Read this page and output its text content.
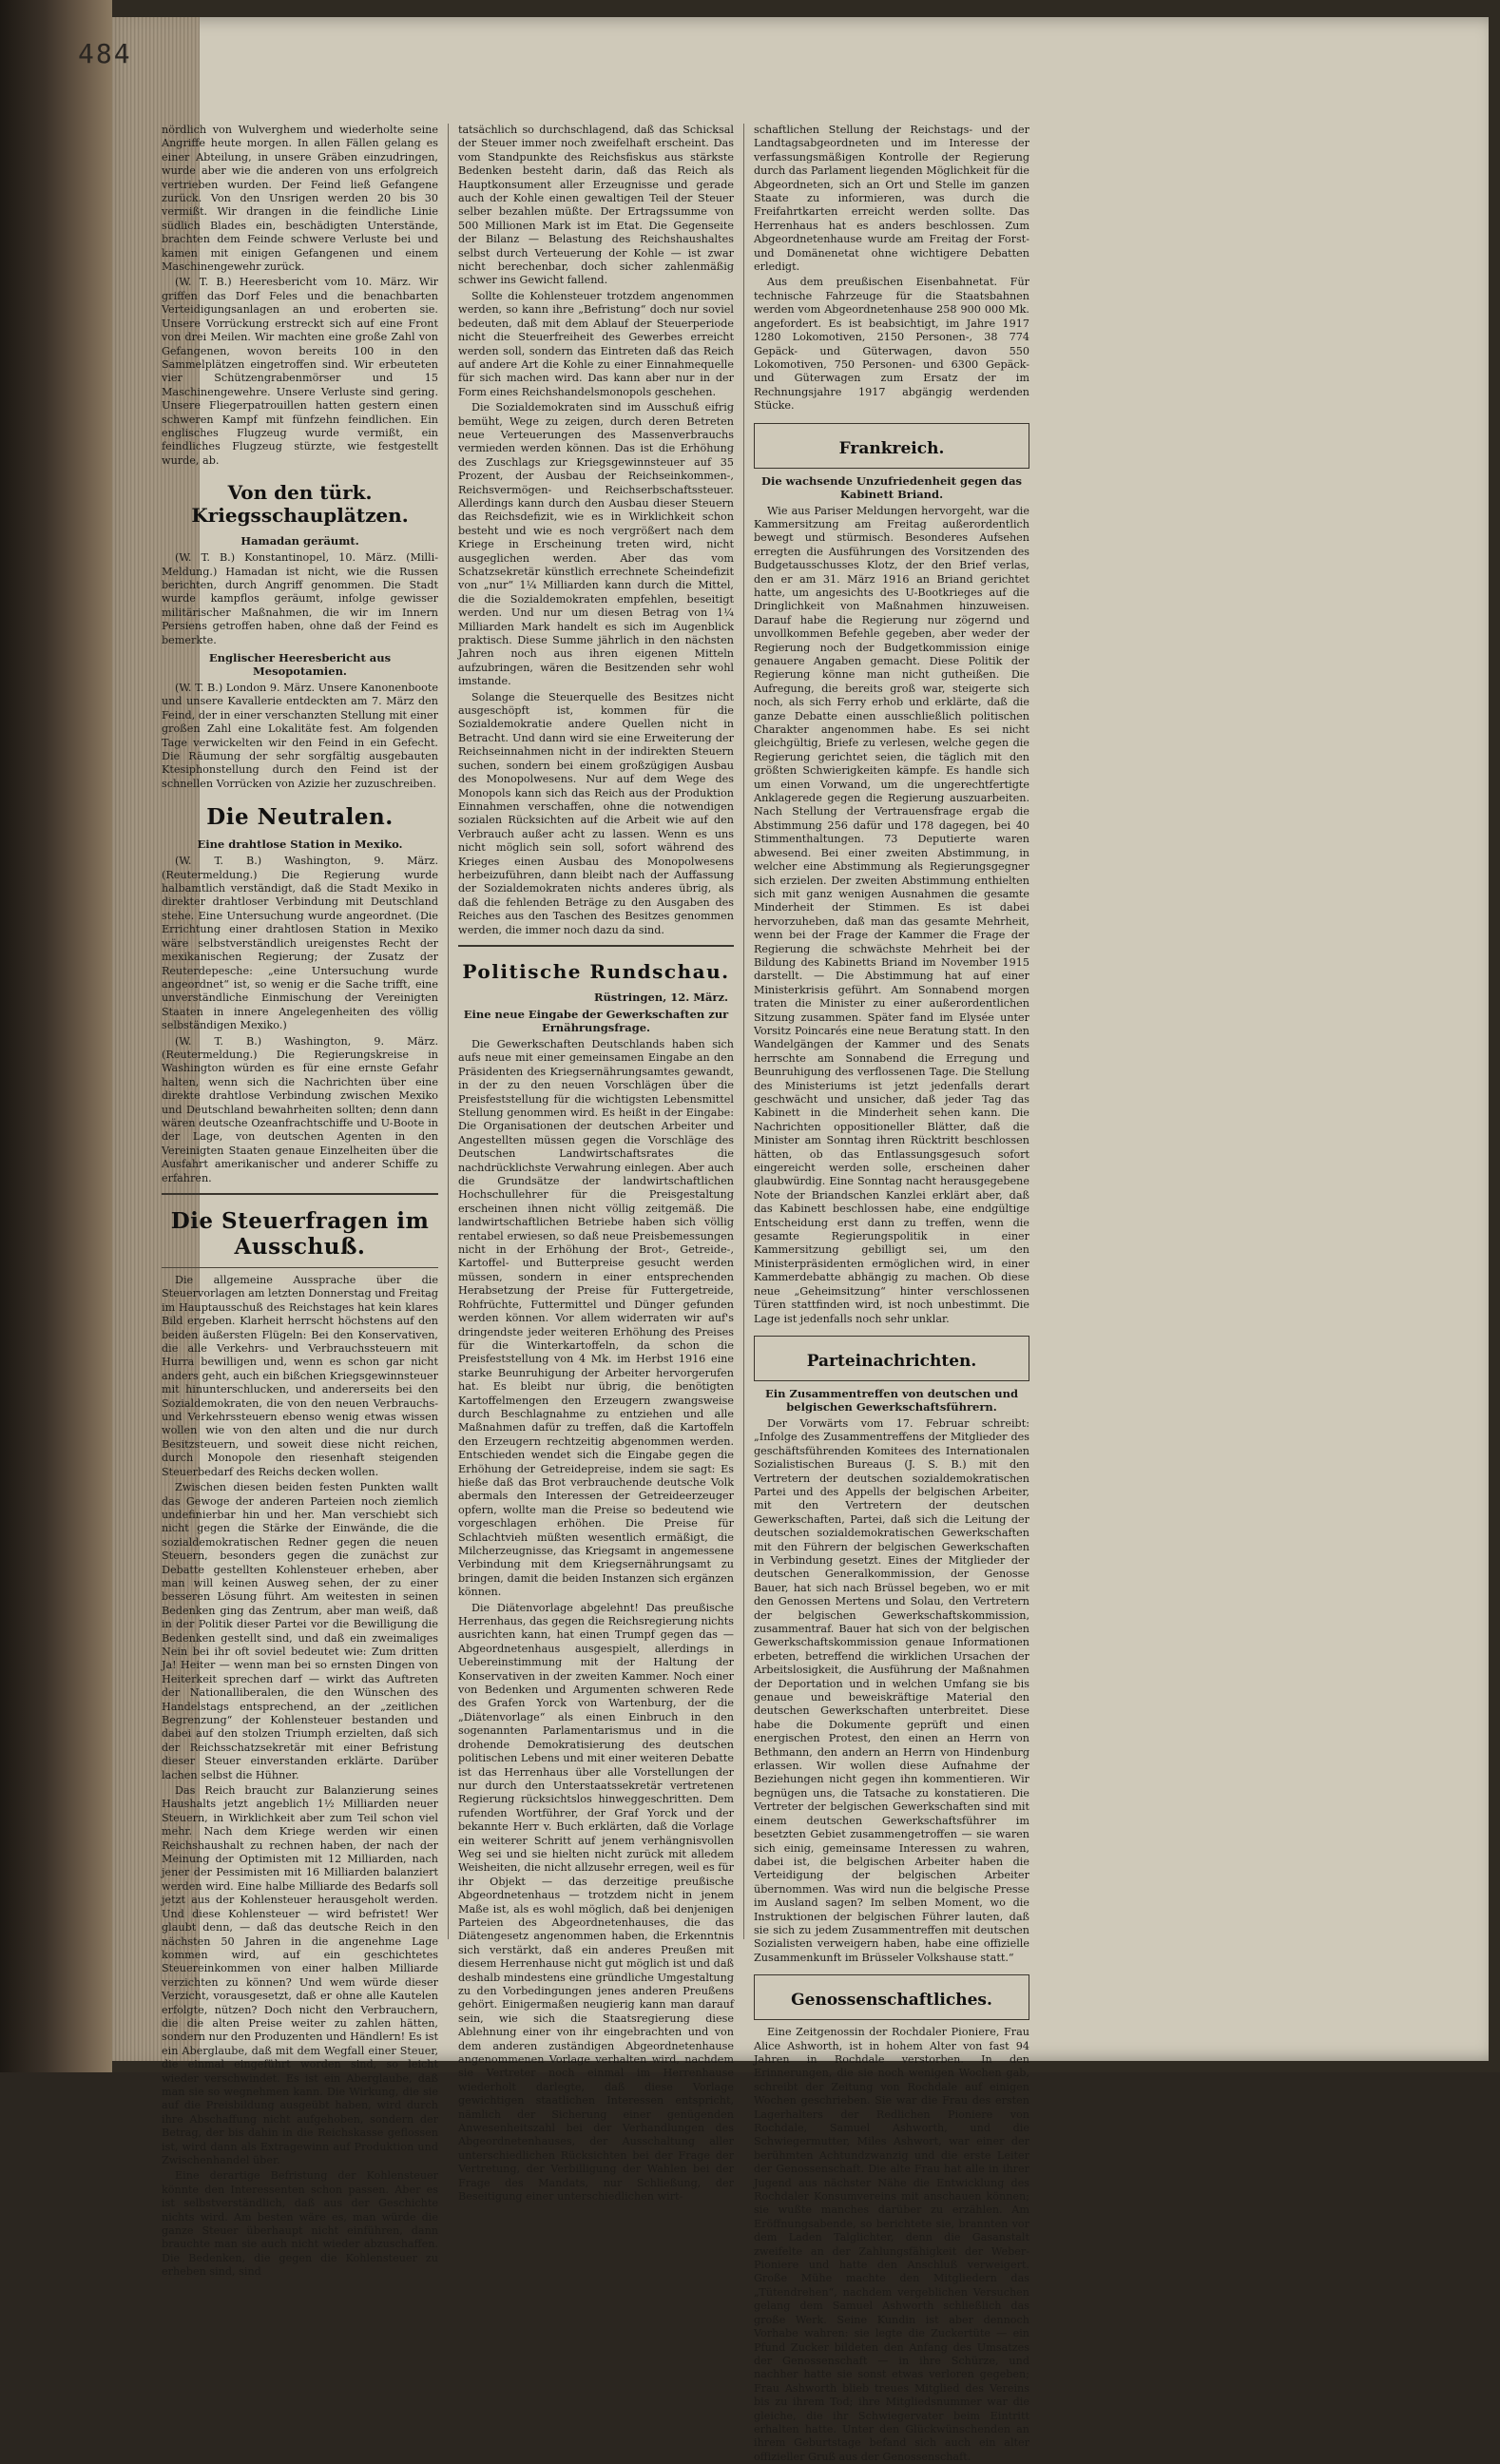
484

nördlich von Wulverghem und wiederholte seine Angriffe heute morgen. In allen Fällen gelang es einer Abteilung, in unsere Gräben einzudringen, wurde aber wie die anderen von uns erfolgreich vertrieben wurden. Der Feind ließ Gefangene zurück. Von den Unsrigen werden 20 bis 30 vermißt. Wir drangen in die feindliche Linie südlich Blades ein, beschädigten Unterstände, brachten dem Feinde schwere Verluste bei und kamen mit einigen Gefangenen und einem Maschinengewehr zurück.

(W. T. B.) Heeresbericht vom 10. März. Wir griffen das Dorf Feles und die benachbarten Verteidigungsanlagen an und eroberten sie. Unsere Vorrückung erstreckt sich auf eine Front von drei Meilen. Wir machten eine große Zahl von Gefangenen, wovon bereits 100 in den Sammelplätzen eingetroffen sind. Wir erbeuteten vier Schützengrabenmörser und 15 Maschinengewehre. Unsere Verluste sind gering. Unsere Fliegerpatrouillen hatten gestern einen schweren Kampf mit fünfzehn feindlichen. Ein englisches Flugzeug wurde vermißt, ein feindliches Flugzeug stürzte, wie festgestellt wurde, ab.

Von den türk. Kriegsschauplätzen.
Hamadan geräumt.

(W. T. B.) Konstantinopel, 10. März. (Milli-Meldung.) Hamadan ist nicht, wie die Russen berichten, durch Angriff genommen. Die Stadt wurde kampflos geräumt, infolge gewisser militärischer Maßnahmen, die wir im Innern Persiens getroffen haben, ohne daß der Feind es bemerkte.

Englischer Heeresbericht aus Mesopotamien.

(W. T. B.) London 9. März. Unsere Kanonenboote und unsere Kavallerie entdeckten am 7. März den Feind, der in einer verschanzten Stellung mit einer großen Zahl eine Lokalitäte fest. Am folgenden Tage verwickelten wir den Feind in ein Gefecht. Die Räumung der sehr sorgfältig ausgebauten Ktesiphonstellung durch den Feind ist der schnellen Vorrücken von Azizie her zuzuschreiben.

Die Neutralen.
Eine drahtlose Station in Mexiko.

(W. T. B.) Washington, 9. März. (Reutermeldung.) Die Regierung wurde halbamtlich verständigt, daß die Stadt Mexiko in direkter drahtloser Verbindung mit Deutschland stehe. Eine Untersuchung wurde angeordnet. (Die Errichtung einer drahtlosen Station in Mexiko wäre selbstverständlich ureigenstes Recht der mexikanischen Regierung; der Zusatz der Reuterdepesche: „eine Untersuchung wurde angeordnet“ ist, so wenig er die Sache trifft, eine unverständliche Einmischung der Vereinigten Staaten in innere Angelegenheiten des völlig selbständigen Mexiko.)

(W. T. B.) Washington, 9. März. (Reutermeldung.) Die Regierungskreise in Washington würden es für eine ernste Gefahr halten, wenn sich die Nachrichten über eine direkte drahtlose Verbindung zwischen Mexiko und Deutschland bewahrheiten sollten; denn dann wären deutsche Ozeanfrachtschiffe und U-Boote in der Lage, von deutschen Agenten in den Vereinigten Staaten genaue Einzelheiten über die Ausfahrt amerikanischer und anderer Schiffe zu erfahren.

Die Steuerfragen im Ausschuß.

Die allgemeine Aussprache über die Steuervorlagen am letzten Donnerstag und Freitag im Hauptausschuß des Reichstages hat kein klares Bild ergeben. Klarheit herrscht höchstens auf den beiden äußersten Flügeln: Bei den Konservativen, die alle Verkehrs- und Verbrauchssteuern mit Hurra bewilligen und, wenn es schon gar nicht anders geht, auch ein bißchen Kriegsgewinnsteuer mit hinunterschlucken, und andererseits bei den Sozialdemokraten, die von den neuen Verbrauchs- und Verkehrssteuern ebenso wenig etwas wissen wollen wie von den alten und die nur durch Besitzsteuern, und soweit diese nicht reichen, durch Monopole den riesenhaft steigenden Steuerbedarf des Reichs decken wollen.

Zwischen diesen beiden festen Punkten wallt das Gewoge der anderen Parteien noch ziemlich undefinierbar hin und her. Man verschiebt sich nicht gegen die Stärke der Einwände, die die sozialdemokratischen Redner gegen die neuen Steuern, besonders gegen die zunächst zur Debatte gestellten Kohlensteuer erheben, aber man will keinen Ausweg sehen, der zu einer besseren Lösung führt. Am weitesten in seinen Bedenken ging das Zentrum, aber man weiß, daß in der Politik dieser Partei vor die Bewilligung die Bedenken gestellt sind, und daß ein zweimaliges Nein bei ihr oft soviel bedeutet wie: Zum dritten Ja! Heiter — wenn man bei so ernsten Dingen von Heiterkeit sprechen darf — wirkt das Auftreten der Nationalliberalen, die den Wünschen des Handelstags entsprechend, an der „zeitlichen Begrenzung“ der Kohlensteuer bestanden und dabei auf den stolzen Triumph erzielten, daß sich der Reichsschatzsekretär mit einer Befristung dieser Steuer einverstanden erklärte. Darüber lachen selbst die Hühner.

Das Reich braucht zur Balanzierung seines Haushalts jetzt angeblich 1½ Milliarden neuer Steuern, in Wirklichkeit aber zum Teil schon viel mehr. Nach dem Kriege werden wir einen Reichshaushalt zu rechnen haben, der nach der Meinung der Optimisten mit 12 Milliarden, nach jener der Pessimisten mit 16 Milliarden balanziert werden wird. Eine halbe Milliarde des Bedarfs soll jetzt aus der Kohlensteuer herausgeholt werden. Und diese Kohlensteuer — wird befristet! Wer glaubt denn, — daß das deutsche Reich in den nächsten 50 Jahren in die angenehme Lage kommen wird, auf ein geschichtetes Steuereinkommen von einer halben Milliarde verzichten zu können? Und wem würde dieser Verzicht, vorausgesetzt, daß er ohne alle Kautelen erfolgte, nützen? Doch nicht den Verbrauchern, die die alten Preise weiter zu zahlen hätten, sondern nur den Produzenten und Händlern! Es ist ein Aberglaube, daß mit dem Wegfall einer Steuer, die einmal eingeführt worden sind, so leicht wieder verschwindet. Es ist ein Aberglaube, daß man sie so wegnehmen kann. Die Wirkung, die sie auf die Preisbildung ausgeübt haben, wird durch ihre Abschaffung nicht aufgehoben, sondern der Betrag, der bis dahin in die Reichskasse geflossen ist, wird dann als Extragewinn auf Produktion und Zwischenhandel über.

Eine derartige Befristung der Kohlensteuer könnte den Interessenten schon passen. Aber es ist selbstverständlich, daß aus der Geschichte nichts wird. Am besten wäre es, man würde die ganze Steuer überhaupt nicht einführen, dann brauchte man sie auch nicht wieder abzuschaffen. Die Bedenken, die gegen die Kohlensteuer zu erheben sind, sind

tatsächlich so durchschlagend, daß das Schicksal der Steuer immer noch zweifelhaft erscheint. Das vom Standpunkte des Reichsfiskus aus stärkste Bedenken besteht darin, daß das Reich als Hauptkonsument aller Erzeugnisse und gerade auch der Kohle einen gewaltigen Teil der Steuer selber bezahlen müßte. Der Ertragssumme von 500 Millionen Mark ist im Etat. Die Gegenseite der Bilanz — Belastung des Reichshaushaltes selbst durch Verteuerung der Kohle — ist zwar nicht berechenbar, doch sicher zahlenmäßig schwer ins Gewicht fallend.

Sollte die Kohlensteuer trotzdem angenommen werden, so kann ihre „Befristung“ doch nur soviel bedeuten, daß mit dem Ablauf der Steuerperiode nicht die Steuerfreiheit des Gewerbes erreicht werden soll, sondern das Eintreten daß das Reich auf andere Art die Kohle zu einer Einnahmequelle für sich machen wird. Das kann aber nur in der Form eines Reichshandelsmonopols geschehen.

Die Sozialdemokraten sind im Ausschuß eifrig bemüht, Wege zu zeigen, durch deren Betreten neue Verteuerungen des Massenverbrauchs vermieden werden können. Das ist die Erhöhung des Zuschlags zur Kriegsgewinnsteuer auf 35 Prozent, der Ausbau der Reichseinkommen-, Reichsvermögen- und Reichserbschaftssteuer. Allerdings kann durch den Ausbau dieser Steuern das Reichsdefizit, wie es in Wirklichkeit schon besteht und wie es noch vergrößert nach dem Kriege in Erscheinung treten wird, nicht ausgeglichen werden. Aber das vom Schatzsekretär künstlich errechnete Scheindefizit von „nur“ 1¼ Milliarden kann durch die Mittel, die die Sozialdemokraten empfehlen, beseitigt werden. Und nur um diesen Betrag von 1¼ Milliarden Mark handelt es sich im Augenblick praktisch. Diese Summe jährlich in den nächsten Jahren noch aus ihren eigenen Mitteln aufzubringen, wären die Besitzenden sehr wohl imstande.

Solange die Steuerquelle des Besitzes nicht ausgeschöpft ist, kommen für die Sozialdemokratie andere Quellen nicht in Betracht. Und dann wird sie eine Erweiterung der Reichseinnahmen nicht in der indirekten Steuern suchen, sondern bei einem großzügigen Ausbau des Monopolwesens. Nur auf dem Wege des Monopols kann sich das Reich aus der Produktion Einnahmen verschaffen, ohne die notwendigen sozialen Rücksichten auf die Arbeit wie auf den Verbrauch außer acht zu lassen. Wenn es uns nicht möglich sein soll, sofort während des Krieges einen Ausbau des Monopolwesens herbeizuführen, dann bleibt nach der Auffassung der Sozialdemokraten nichts anderes übrig, als daß die fehlenden Beträge zu den Ausgaben des Reiches aus den Taschen des Besitzes genommen werden, die immer noch dazu da sind.

Politische Rundschau.
Rüstringen, 12. März.
Eine neue Eingabe der Gewerkschaften zur Ernährungsfrage.

Die Gewerkschaften Deutschlands haben sich aufs neue mit einer gemeinsamen Eingabe an den Präsidenten des Kriegsernährungsamtes gewandt, in der zu den neuen Vorschlägen über die Preisfeststellung für die wichtigsten Lebensmittel Stellung genommen wird. Es heißt in der Eingabe: Die Organisationen der deutschen Arbeiter und Angestellten müssen gegen die Vorschläge des Deutschen Landwirtschaftsrates die nachdrücklichste Verwahrung einlegen. Aber auch die Grundsätze der landwirtschaftlichen Hochschullehrer für die Preisgestaltung erscheinen ihnen nicht völlig zeitgemäß. Die landwirtschaftlichen Betriebe haben sich völlig rentabel erwiesen, so daß neue Preisbemessungen nicht in der Erhöhung der Brot-, Getreide-, Kartoffel- und Butterpreise gesucht werden müssen, sondern in einer entsprechenden Herabsetzung der Preise für Futtergetreide, Rohfrüchte, Futtermittel und Dünger gefunden werden können. Vor allem widerraten wir auf's dringendste jeder weiteren Erhöhung des Preises für die Winterkartoffeln, da schon die Preisfeststellung von 4 Mk. im Herbst 1916 eine starke Beunruhigung der Arbeiter hervorgerufen hat. Es bleibt nur übrig, die benötigten Kartoffelmengen den Erzeugern zwangsweise durch Beschlagnahme zu entziehen und alle Maßnahmen dafür zu treffen, daß die Kartoffeln den Erzeugern rechtzeitig abgenommen werden. Entschieden wendet sich die Eingabe gegen die Erhöhung der Getreidepreise, indem sie sagt: Es hieße daß das Brot verbrauchende deutsche Volk abermals den Interessen der Getreideerzeuger opfern, wollte man die Preise so bedeutend wie vorgeschlagen erhöhen. Die Preise für Schlachtvieh müßten wesentlich ermäßigt, die Milcherzeugnisse, das Kriegsamt in angemessene Verbindung mit dem Kriegsernährungsamt zu bringen, damit die beiden Instanzen sich ergänzen können.

Die Diätenvorlage abgelehnt! Das preußische Herrenhaus, das gegen die Reichsregierung nichts ausrichten kann, hat einen Trumpf gegen das — Abgeordnetenhaus ausgespielt, allerdings in Uebereinstimmung mit der Haltung der Konservativen in der zweiten Kammer. Noch einer von Bedenken und Argumenten schweren Rede des Grafen Yorck von Wartenburg, der die „Diätenvorlage“ als einen Einbruch in den sogenannten Parlamentarismus und in die drohende Demokratisierung des deutschen politischen Lebens und mit einer weiteren Debatte ist das Herrenhaus über alle Vorstellungen der nur durch den Unterstaatssekretär vertretenen Regierung rücksichtslos hinweggeschritten. Dem rufenden Wortführer, der Graf Yorck und der bekannte Herr v. Buch erklärten, daß die Vorlage ein weiterer Schritt auf jenem verhängnisvollen Weg sei und sie hielten nicht zurück mit alledem Weisheiten, die nicht allzusehr erregen, weil es für ihr Objekt — das derzeitige preußische Abgeordnetenhaus — trotzdem nicht in jenem Maße ist, als es wohl möglich, daß bei denjenigen Parteien des Abgeordnetenhauses, die das Diätengesetz angenommen haben, die Erkenntnis sich verstärkt, daß ein anderes Preußen mit diesem Herrenhause nicht gut möglich ist und daß deshalb mindestens eine gründliche Umgestaltung zu den Vorbedingungen jenes anderen Preußens gehört. Einigermaßen neugierig kann man darauf sein, wie sich die Staatsregierung diese Ablehnung einer von ihr eingebrachten und von dem anderen zuständigen Abgeordnetenhause angenommenen Vorlage verhalten wird, nachdem sie Vertreter noch einmal im Herrenhause wiederholt darlegte, daß diese Vorlage gewichtigen staatlichen Interessen entspricht, nämlich der Sicherung einer genügenden Anwesenheitszahl bei der Verhandlungen des Abgeordnetenhauses, der Ausschaltung aller unterschiedlichen Rücksichten bei der Frage der Vertretung, der Verbilligung der Wahlen bei der Frage des Mandats, nur Schließung, der Beseitigung einer unterschiedlichen wirt-

schaftlichen Stellung der Reichstags- und der Landtagsabgeordneten und im Interesse der verfassungsmäßigen Kontrolle der Regierung durch das Parlament liegenden Möglichkeit für die Abgeordneten, sich an Ort und Stelle im ganzen Staate zu informieren, was durch die Freifahrtkarten erreicht werden sollte. Das Herrenhaus hat es anders beschlossen. Zum Abgeordnetenhause wurde am Freitag der Forst- und Domänenetat ohne wichtigere Debatten erledigt.

Aus dem preußischen Eisenbahnetat. Für technische Fahrzeuge für die Staatsbahnen werden vom Abgeordnetenhause 258 900 000 Mk. angefordert. Es ist beabsichtigt, im Jahre 1917 1280 Lokomotiven, 2150 Personen-, 38 774 Gepäck- und Güterwagen, davon 550 Lokomotiven, 750 Personen- und 6300 Gepäck- und Güterwagen zum Ersatz der im Rechnungsjahre 1917 abgängig werdenden Stücke.

Frankreich.
Die wachsende Unzufriedenheit gegen das Kabinett Briand.

Wie aus Pariser Meldungen hervorgeht, war die Kammersitzung am Freitag außerordentlich bewegt und stürmisch. Besonderes Aufsehen erregten die Ausführungen des Vorsitzenden des Budgetausschusses Klotz, der den Brief verlas, den er am 31. März 1916 an Briand gerichtet hatte, um angesichts des U-Bootkrieges auf die Dringlichkeit von Maßnahmen hinzuweisen. Darauf habe die Regierung nur zögernd und unvollkommen Befehle gegeben, aber weder der Regierung noch der Budgetkommission einige genauere Angaben gemacht. Diese Politik der Regierung könne man nicht gutheißen. Die Aufregung, die bereits groß war, steigerte sich noch, als sich Ferry erhob und erklärte, daß die ganze Debatte einen ausschließlich politischen Charakter angenommen habe. Es sei nicht gleichgültig, Briefe zu verlesen, welche gegen die Regierung gerichtet seien, die täglich mit den größten Schwierigkeiten kämpfe. Es handle sich um einen Vorwand, um die ungerechtfertigte Anklagerede gegen die Regierung auszuarbeiten. Nach Stellung der Vertrauensfrage ergab die Abstimmung 256 dafür und 178 dagegen, bei 40 Stimmenthaltungen. 73 Deputierte waren abwesend. Bei einer zweiten Abstimmung, in welcher eine Abstimmung als Regierungsgegner sich erzielen. Der zweiten Abstimmung enthielten sich mit ganz wenigen Ausnahmen die gesamte Minderheit der Stimmen. Es ist dabei hervorzuheben, daß man das gesamte Mehrheit, wenn bei der Frage der Kammer die Frage der Regierung die schwächste Mehrheit bei der Bildung des Kabinetts Briand im November 1915 darstellt. — Die Abstimmung hat auf einer Ministerkrisis geführt. Am Sonnabend morgen traten die Minister zu einer außerordentlichen Sitzung zusammen. Später fand im Elysée unter Vorsitz Poincarés eine neue Beratung statt. In den Wandelgängen der Kammer und des Senats herrschte am Sonnabend die Erregung und Beunruhigung des verflossenen Tage. Die Stellung des Ministeriums ist jetzt jedenfalls derart geschwächt und unsicher, daß jeder Tag das Kabinett in die Minderheit sehen kann. Die Nachrichten oppositioneller Blätter, daß die Minister am Sonntag ihren Rücktritt beschlossen hätten, ob das Entlassungsgesuch sofort eingereicht werden solle, erscheinen daher glaubwürdig. Eine Sonntag nacht herausgegebene Note der Briandschen Kanzlei erklärt aber, daß das Kabinett beschlossen habe, eine endgültige Entscheidung erst dann zu treffen, wenn die gesamte Regierungspolitik in einer Kammersitzung gebilligt sei, um den Ministerpräsidenten ermöglichen wird, in einer Kammerdebatte abhängig zu machen. Ob diese neue „Geheimsitzung“ hinter verschlossenen Türen stattfinden wird, ist noch unbestimmt. Die Lage ist jedenfalls noch sehr unklar.

Parteinachrichten.
Ein Zusammentreffen von deutschen und belgischen Gewerkschaftsführern.

Der Vorwärts vom 17. Februar schreibt: „Infolge des Zusammentreffens der Mitglieder des geschäftsführenden Komitees des Internationalen Sozialistischen Bureaus (J. S. B.) mit den Vertretern der deutschen sozialdemokratischen Partei und des Appells der belgischen Arbeiter, mit den Vertretern der deutschen Gewerkschaften, Partei, daß sich die Leitung der deutschen sozialdemokratischen Gewerkschaften mit den Führern der belgischen Gewerkschaften in Verbindung gesetzt. Eines der Mitglieder der deutschen Generalkommission, der Genosse Bauer, hat sich nach Brüssel begeben, wo er mit den Genossen Mertens und Solau, den Vertretern der belgischen Gewerkschaftskommission, zusammentraf. Bauer hat sich von der belgischen Gewerkschaftskommission genaue Informationen erbeten, betreffend die wirklichen Ursachen der Arbeitslosigkeit, die Ausführung der Maßnahmen der Deportation und in welchen Umfang sie bis genaue und beweiskräftige Material den deutschen Gewerkschaften unterbreitet. Diese habe die Dokumente geprüft und einen energischen Protest, den einen an Herrn von Bethmann, den andern an Herrn von Hindenburg erlassen. Wir wollen diese Aufnahme der Beziehungen nicht gegen ihn kommentieren. Wir begnügen uns, die Tatsache zu konstatieren. Die Vertreter der belgischen Gewerkschaften sind mit einem deutschen Gewerkschaftsführer im besetzten Gebiet zusammengetroffen — sie waren sich einig, gemeinsame Interessen zu wahren, dabei ist, die belgischen Arbeiter haben die Verteidigung der belgischen Arbeiter übernommen. Was wird nun die belgische Presse im Ausland sagen? Im selben Moment, wo die Instruktionen der belgischen Führer lauten, daß sie sich zu jedem Zusammentreffen mit deutschen Sozialisten verweigern haben, habe eine offizielle Zusammenkunft im Brüsseler Volkshause statt.“

Genossenschaftliches.

Eine Zeitgenossin der Rochdaler Pioniere, Frau Alice Ashworth, ist in hohem Alter von fast 94 Jahren in Rochdale verstorben. In den Erinnerungen, die sie noch wenigen Wochen gab, schreibt der Zeitung von Rochdale auf einigen Wochen geschrieben. Sie war die Frau des ersten Lagerhalters der Redlichen Pioniere von Rochdale, Samuel Ashworth, und die Schwiegermutter, Miles Ashwort, war einer der berühmten Achtundzwanzig und die erste Leiter der Genossenschaft. Die alte Frau hat alle in ihrer Jugend aus nächster Nähe die Entwicklung des Rochdaler Konsumvereins mit anschauen können; sie wußte manches darüber zu erzählen. Am Eröffnungsabende, so berichtete sie, brannten vor dem Laden Talglichter, denn die Gasanstalt zweifelte an der Zahlungsfähigkeit der Weber-Pioniere und hatte den Anschluß verweigert. Große Mühe machte den Mitgliedern das „Tütendrehen“, nachdem vergeblichen Versuchen gelang dem Samuel Ashworth schließlich das große Werk. Seine Kundin ist aber dennoch Vorhabe wahren: sie legte die Zuckertüte — ein Pfund Zucker bildeten den Anfang des Umsatzes der Genossenschaft — in ihre Schürze, und nachher hatte sie sonst etwas verloren gegeben; Frau Ashworth blieb treues Mitglied des Vereins bis zu ihrem Tod; ihre Mitgliedsnummer war die gleiche, die ihr Schwiegervater beim Eintritt erhalten hatte. Unter den Glückwünschenden an ihrem Geburtstage befand sich auch ein alter offizieller Gruß aus der Genossenschaft.
